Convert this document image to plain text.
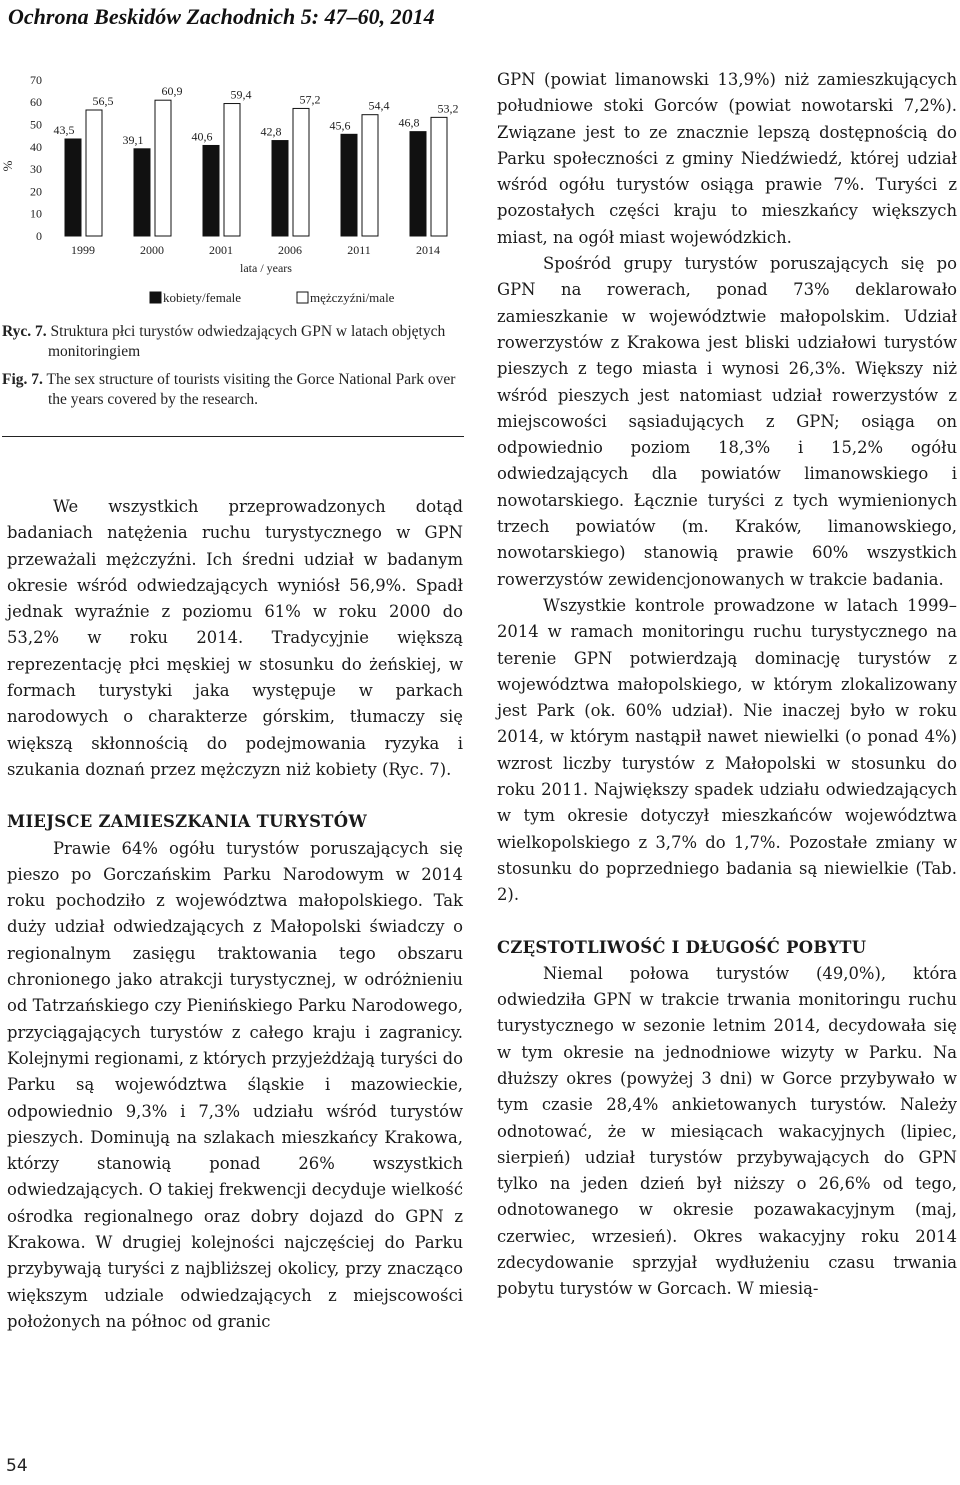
Ochrona Beskidów Zachodnich 5: 47–60, 2014
%
0
10
20
30
40
50
60
70
43,5
56,5
1999
39,1
60,9
2000
40,6
59,4
2001
42,8
57,2
2006
45,6
54,4
2011
46,8
53,2
2014
lata / years
kobiety/female	mężczyźni/male
Ryc. 7. Struktura płci turystów odwiedzających GPN w latach objętych
monitoringiem
Fig. 7. The sex structure of tourists visiting the Gorce National Park over
the years covered by the research.

We wszystkich przeprowadzonych dotąd badaniach natężenia ruchu turystycznego w GPN przeważali mężczyźni. Ich średni udział w badanym okresie wśród odwiedzających wyniósł 56,9%. Spadł jednak wyraźnie z poziomu 61% w roku 2000 do 53,2% w roku 2014. Tradycyjnie większą reprezentację płci męskiej w stosunku do żeńskiej, w formach turystyki jaka występuje w parkach narodowych o charakterze górskim, tłumaczy się większą skłonnością do podejmowania ryzyka i szukania doznań przez mężczyzn niż kobiety (Ryc. 7).

MIEJSCE ZAMIESZKANIA TURYSTÓW

Prawie 64% ogółu turystów poruszających się pieszo po Gorczańskim Parku Narodowym w 2014 roku pochodziło z województwa małopolskiego. Tak duży udział odwiedzających z Małopolski świadczy o regionalnym zasięgu traktowania tego obszaru chronionego jako atrakcji turystycznej, w odróżnieniu od Tatrzańskiego czy Pienińskiego Parku Narodowego, przyciągających turystów z całego kraju i zagranicy. Kolejnymi regionami, z których przyjeżdżają turyści do Parku są województwa śląskie i mazowieckie, odpowiednio 9,3% i 7,3% udziału wśród turystów pieszych. Dominują na szlakach mieszkańcy Krakowa, którzy stanowią ponad 26% wszystkich odwiedzających. O takiej frekwencji decyduje wielkość ośrodka regionalnego oraz dobry dojazd do GPN z Krakowa. W drugiej kolejności najczęściej do Parku przybywają turyści z najbliższej okolicy, przy znacząco większym udziale odwiedzających z miejscowości położonych na północ od granic

GPN (powiat limanowski 13,9%) niż zamieszkujących południowe stoki Gorców (powiat nowotarski 7,2%). Związane jest to ze znacznie lepszą dostępnością do Parku społeczności z gminy Niedźwiedź, której udział wśród ogółu turystów osiąga prawie 7%. Turyści z pozostałych części kraju to mieszkańcy większych miast, na ogół miast wojewódzkich.

Spośród grupy turystów poruszających się po GPN na rowerach, ponad 73% deklarowało zamieszkanie w województwie małopolskim. Udział rowerzystów z Krakowa jest bliski udziałowi turystów pieszych z tego miasta i wynosi 26,3%. Większy niż wśród pieszych jest natomiast udział rowerzystów z miejscowości sąsiadujących z GPN; osiąga on odpowiednio poziom 18,3% i 15,2% ogółu odwiedzających dla powiatów limanowskiego i nowotarskiego. Łącznie turyści z tych wymienionych trzech powiatów (m. Kraków, limanowskiego, nowotarskiego) stanowią prawie 60% wszystkich rowerzystów zewidencjonowanych w trakcie badania.

Wszystkie kontrole prowadzone w latach 1999–2014 w ramach monitoringu ruchu turystycznego na terenie GPN potwierdzają dominację turystów z województwa małopolskiego, w którym zlokalizowany jest Park (ok. 60% udział). Nie inaczej było w roku 2014, w którym nastąpił nawet niewielki (o ponad 4%) wzrost liczby turystów z Małopolski w stosunku do roku 2011. Największy spadek udziału odwiedzających w tym okresie dotyczył mieszkańców województwa wielkopolskiego z 3,7% do 1,7%. Pozostałe zmiany w stosunku do poprzedniego badania są niewielkie (Tab. 2).

CZĘSTOTLIWOŚĆ I DŁUGOŚĆ POBYTU

Niemal połowa turystów (49,0%), która odwiedziła GPN w trakcie trwania monitoringu ruchu turystycznego w sezonie letnim 2014, decydowała się w tym okresie na jednodniowe wizyty w Parku. Na dłuższy okres (powyżej 3 dni) w Gorce przybywało w tym czasie 28,4% ankietowanych turystów. Należy odnotować, że w miesiącach wakacyjnych (lipiec, sierpień) udział turystów przybywających do GPN tylko na jeden dzień był niższy o 26,6% od tego, odnotowanego w okresie pozawakacyjnym (maj, czerwiec, wrzesień). Okres wakacyjny roku 2014 zdecydowanie sprzyjał wydłużeniu czasu trwania pobytu turystów w Gorcach. W miesią-

54
